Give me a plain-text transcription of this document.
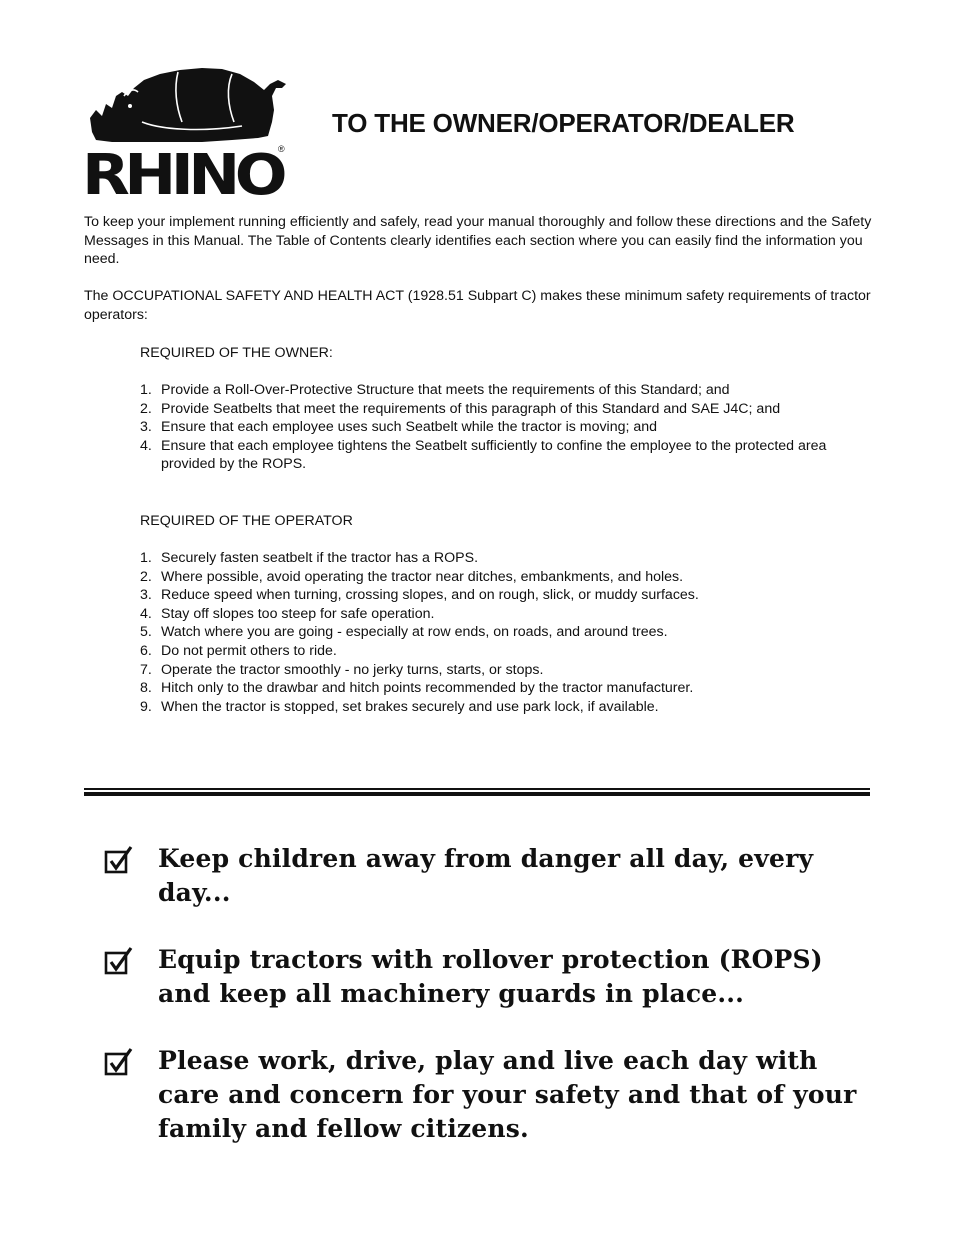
RHINO
®
TO THE OWNER/OPERATOR/DEALER

To keep your implement running efficiently and safely, read your manual thoroughly and follow these directions and the Safety Messages in this Manual. The Table of Contents clearly identifies each section where you can easily find the information you need.

The OCCUPATIONAL SAFETY AND HEALTH ACT (1928.51 Subpart C) makes these minimum safety requirements of tractor operators:

REQUIRED OF THE OWNER:

1. Provide a Roll-Over-Protective Structure that meets the requirements of this Standard; and
2. Provide Seatbelts that meet the requirements of this paragraph of this Standard and SAE J4C; and
3. Ensure that each employee uses such Seatbelt while the tractor is moving; and
4. Ensure that each employee tightens the Seatbelt sufficiently to confine the employee to the protected area provided by the ROPS.

REQUIRED OF THE OPERATOR

1. Securely fasten seatbelt if the tractor has a ROPS.
2. Where possible, avoid operating the tractor near ditches, embankments, and holes.
3. Reduce speed when turning, crossing slopes, and on rough, slick, or muddy surfaces.
4. Stay off slopes too steep for safe operation.
5. Watch where you are going - especially at row ends, on roads, and around trees.
6. Do not permit others to ride.
7. Operate the tractor smoothly - no jerky turns, starts, or stops.
8. Hitch only to the drawbar and hitch points recommended by the tractor manufacturer.
9. When the tractor is stopped, set brakes securely and use park lock, if available.

Keep children away from danger all day, every day...

Equip tractors with rollover protection (ROPS) and keep all machinery guards in place...

Please work, drive, play and live each day with care and concern for your safety and that of your family and fellow citizens.
